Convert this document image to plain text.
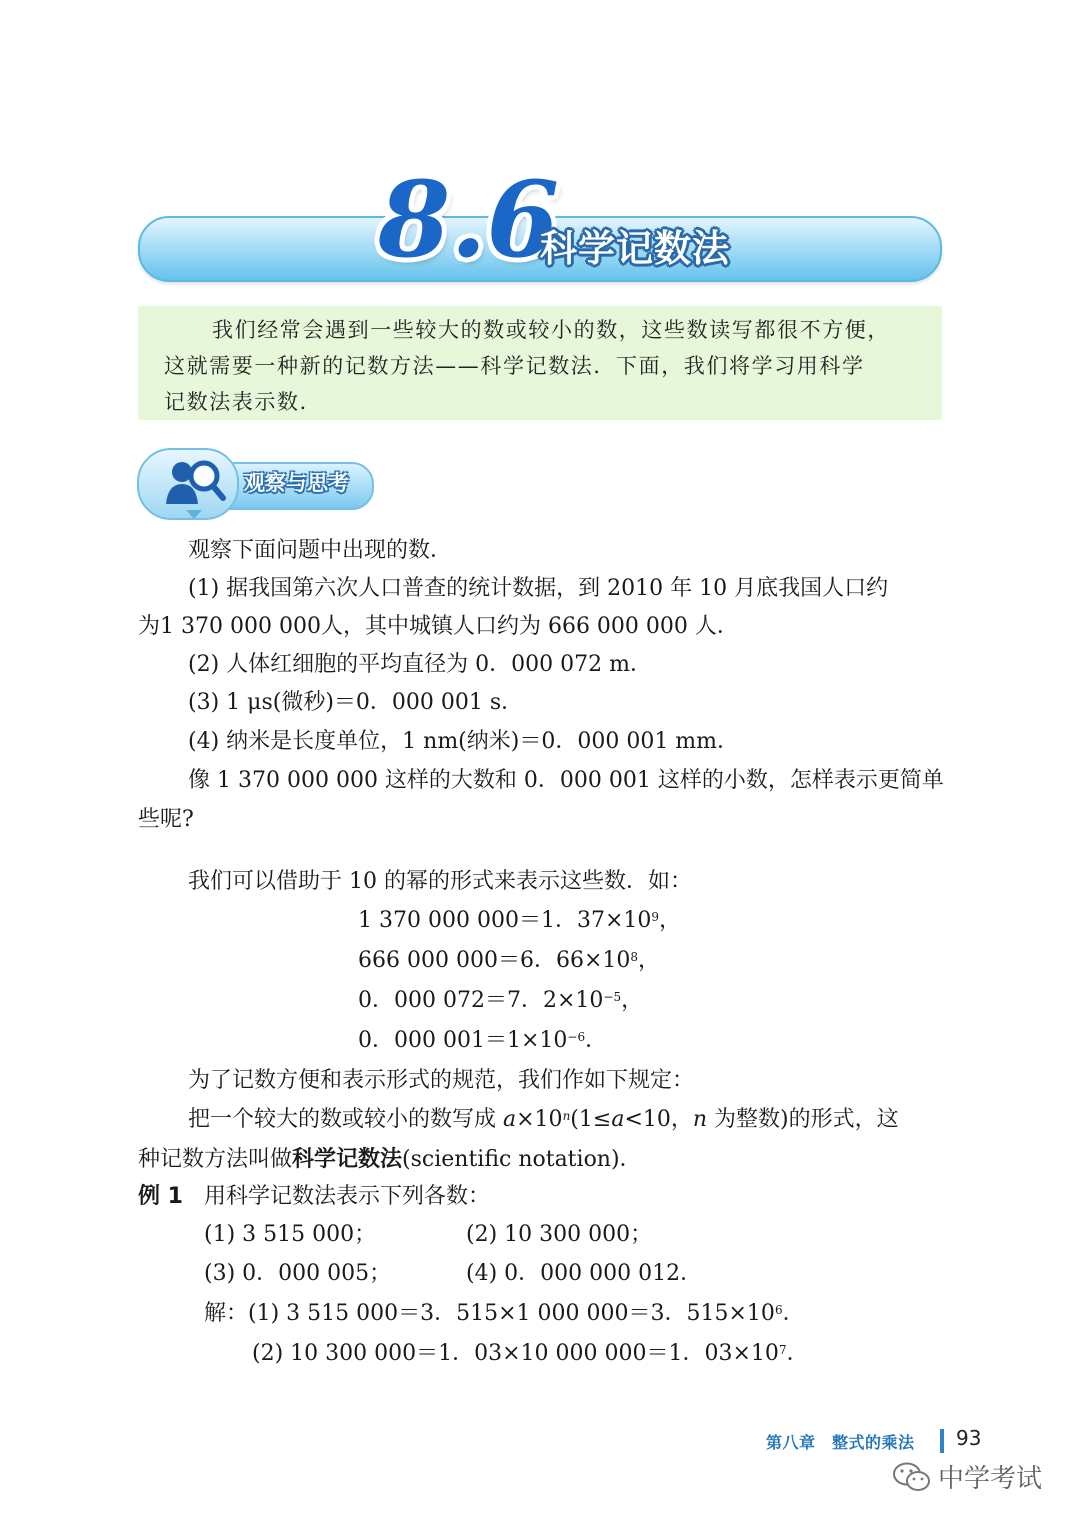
8.6
科学记数法

我们经常会遇到一些较大的数或较小的数，这些数读写都很不方便，

这就需要一种新的记数方法——科学记数法．下面，我们将学习用科学

记数法表示数．

观察与思考
观察下面问题中出现的数．
(1) 据我国第六次人口普查的统计数据，到 2010 年 10 月底我国人口约
为1 370 000 000人，其中城镇人口约为 666 000 000 人．
(2) 人体红细胞的平均直径为 0．000 072 m．
(3) 1 μs(微秒)＝0．000 001 s．
(4) 纳米是长度单位，1 nm(纳米)＝0．000 001 mm．
像 1 370 000 000 这样的大数和 0．000 001 这样的小数，怎样表示更简单
些呢?
我们可以借助于 10 的幂的形式来表示这些数．如：
1 370 000 000＝1．$37\times 10^9$，
666 000 000＝6．$66\times 10^8$，
0．000 072＝7．$2\times 10^{-5}$，
0．000 $001=1\times 10^{-6}$．
为了记数方便和表示形式的规范，我们作如下规定：
把一个较大的数或较小的数写成 $a\times 10^n(1\le a<10$，n 为整数)的形式，这
种记数方法叫做科学记数法(scientific notation)．
例 1 用科学记数法表示下列各数：
(1) 3 515 000；	(2) 10 300 000；
(3) 0．000 005；	(4) 0．000 000 012．
解：(1) 3 515 000＝3．515×1 000 000＝3．$515\times 10^6$．
(2) 10 300 000＝1．03×10 000 000＝1．$03\times 10^7$．
第八章　整式的乘法 93
中学考试
